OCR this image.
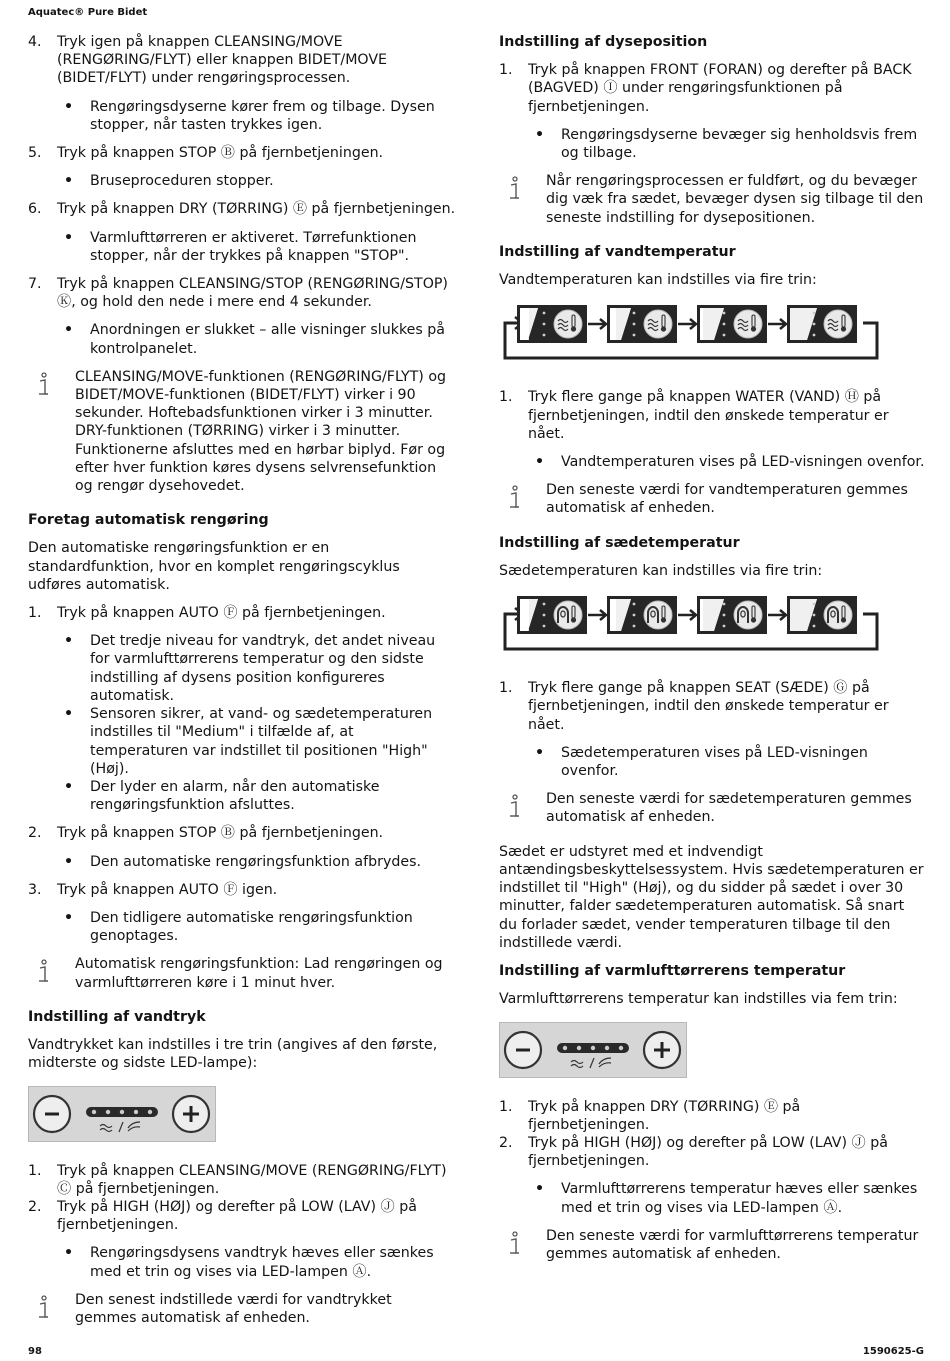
Aquatec® Pure Bidet
4. Tryk igen på knappen CLEANSING/MOVE (RENGØRING/FLYT) eller knappen BIDET/MOVE (BIDET/FLYT) under rengøringsprocessen.
• Rengøringsdyserne kører frem og tilbage. Dysen stopper, når tasten trykkes igen.
5. Tryk på knappen STOP Ⓑ på fjernbetjeningen.
• Bruseproceduren stopper.
6. Tryk på knappen DRY (TØRRING) Ⓔ på fjernbetjeningen.
• Varmlufttørreren er aktiveret. Tørrefunktionen stopper, når der trykkes på knappen "STOP".
7. Tryk på knappen CLEANSING/STOP (RENGØRING/STOP) Ⓚ, og hold den nede i mere end 4 sekunder.
• Anordningen er slukket – alle visninger slukkes på kontrolpanelet.
CLEANSING/MOVE-funktionen (RENGØRING/FLYT) og BIDET/MOVE-funktionen (BIDET/FLYT) virker i 90 sekunder. Hoftebadsfunktionen virker i 3 minutter. DRY-funktionen (TØRRING) virker i 3 minutter. Funktionerne afsluttes med en hørbar biplyd. Før og efter hver funktion køres dysens selvrensefunktion og rengør dysehovedet.
Foretag automatisk rengøring

Den automatiske rengøringsfunktion er en standardfunktion, hvor en komplet rengøringscyklus udføres automatisk.

1. Tryk på knappen AUTO Ⓕ på fjernbetjeningen.
• Det tredje niveau for vandtryk, det andet niveau for varmlufttørrerens temperatur og den sidste indstilling af dysens position konfigureres automatisk.
• Sensoren sikrer, at vand- og sædetemperaturen indstilles til "Medium" i tilfælde af, at temperaturen var indstillet til positionen "High" (Høj).
• Der lyder en alarm, når den automatiske rengøringsfunktion afsluttes.
2. Tryk på knappen STOP Ⓑ på fjernbetjeningen.
• Den automatiske rengøringsfunktion afbrydes.
3. Tryk på knappen AUTO Ⓕ igen.
• Den tidligere automatiske rengøringsfunktion genoptages.
Automatisk rengøringsfunktion: Lad rengøringen og varmlufttørreren køre i 1 minut hver.
Indstilling af vandtryk

Vandtrykket kan indstilles i tre trin (angives af den første, midterste og sidste LED-lampe):

1. Tryk på knappen CLEANSING/MOVE (RENGØRING/FLYT) Ⓒ på fjernbetjeningen.
2. Tryk på HIGH (HØJ) og derefter på LOW (LAV) Ⓙ på fjernbetjeningen.
• Rengøringsdysens vandtryk hæves eller sænkes med et trin og vises via LED-lampen Ⓐ.
Den senest indstillede værdi for vandtrykket gemmes automatisk af enheden.
Indstilling af dyseposition
1. Tryk på knappen FRONT (FORAN) og derefter på BACK (BAGVED) Ⓘ under rengøringsfunktionen på fjernbetjeningen.
• Rengøringsdyserne bevæger sig henholdsvis frem og tilbage.
Når rengøringsprocessen er fuldført, og du bevæger dig væk fra sædet, bevæger dysen sig tilbage til den seneste indstilling for dysepositionen.
Indstilling af vandtemperatur

Vandtemperaturen kan indstilles via fire trin:

1. Tryk flere gange på knappen WATER (VAND) Ⓗ på fjernbetjeningen, indtil den ønskede temperatur er nået.
• Vandtemperaturen vises på LED-visningen ovenfor.
Den seneste værdi for vandtemperaturen gemmes automatisk af enheden.
Indstilling af sædetemperatur

Sædetemperaturen kan indstilles via fire trin:

1. Tryk flere gange på knappen SEAT (SÆDE) Ⓖ på fjernbetjeningen, indtil den ønskede temperatur er nået.
• Sædetemperaturen vises på LED-visningen ovenfor.
Den seneste værdi for sædetemperaturen gemmes automatisk af enheden.

Sædet er udstyret med et indvendigt antændingsbeskyttelsessystem. Hvis sædetemperaturen er indstillet til "High" (Høj), og du sidder på sædet i over 30 minutter, falder sædetemperaturen automatisk. Så snart du forlader sædet, vender temperaturen tilbage til den indstillede værdi.

Indstilling af varmlufttørrerens temperatur

Varmlufttørrerens temperatur kan indstilles via fem trin:

1. Tryk på knappen DRY (TØRRING) Ⓔ på fjernbetjeningen.
2. Tryk på HIGH (HØJ) og derefter på LOW (LAV) Ⓙ på fjernbetjeningen.
• Varmlufttørrerens temperatur hæves eller sænkes med et trin og vises via LED-lampen Ⓐ.
Den seneste værdi for varmlufttørrerens temperatur gemmes automatisk af enheden.
98	1590625-G
